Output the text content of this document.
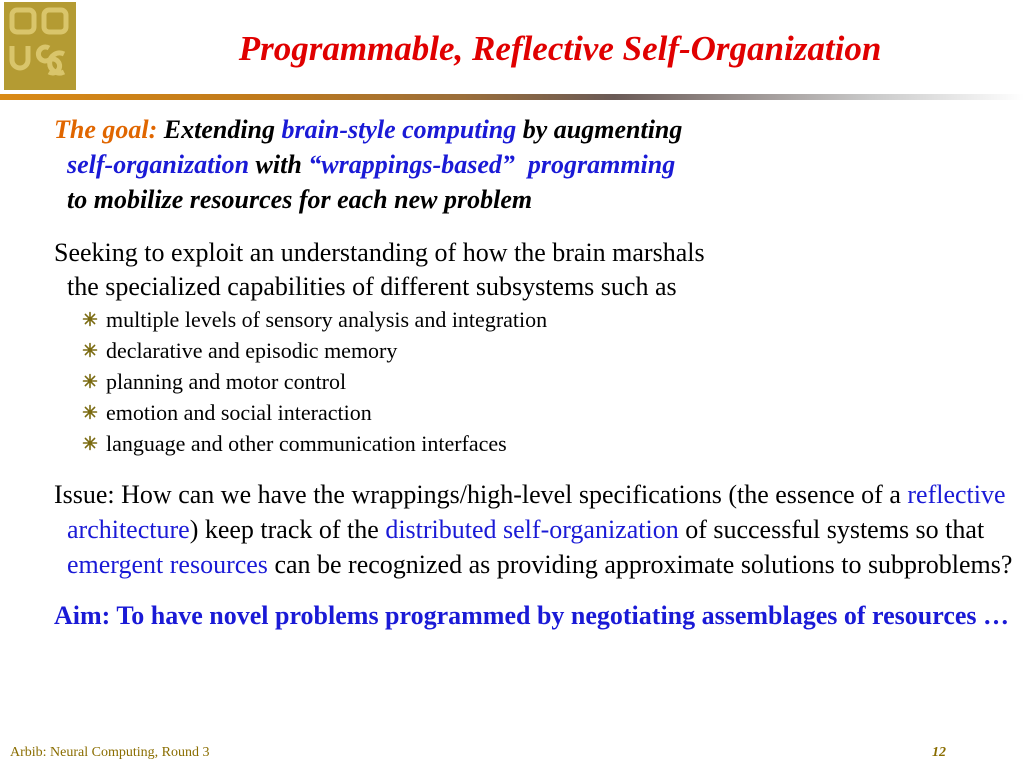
Programmable, Reflective Self-Organization
The goal: Extending brain-style computing by augmenting
self-organization with “wrappings-based” programming
to mobilize resources for each new problem
Seeking to exploit an understanding of how the brain marshals
the specialized capabilities of different subsystems such as
multiple levels of sensory analysis and integration
declarative and episodic memory
planning and motor control
emotion and social interaction
language and other communication interfaces
Issue: How can we have the wrappings/high-level specifications (the essence of a reflective architecture) keep track of the distributed self-organization of successful systems so that emergent resources can be recognized as providing approximate solutions to subproblems?
Aim: To have novel problems programmed by negotiating assemblages of resources …
Arbib: Neural Computing, Round 3	12
